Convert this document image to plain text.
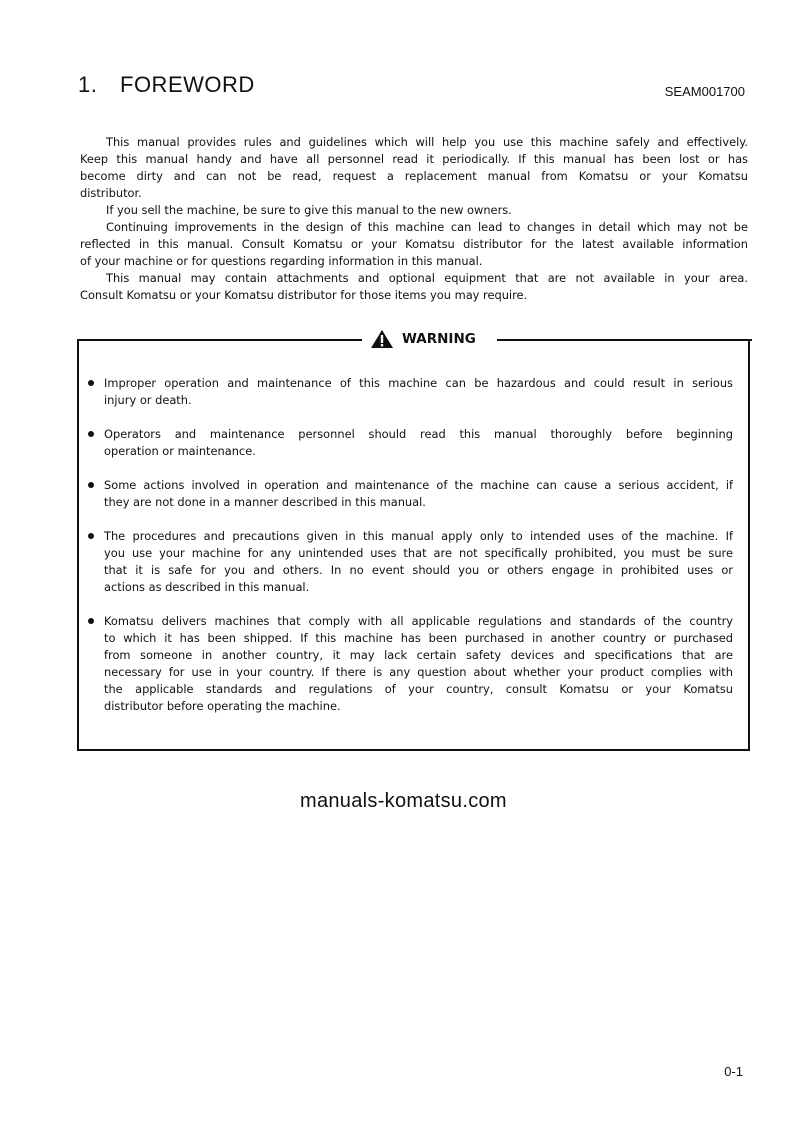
1. FOREWORD	SEAM001700
This manual provides rules and guidelines which will help you use this machine safely and effectively.
Keep this manual handy and have all personnel read it periodically. If this manual has been lost or has
become dirty and can not be read, request a replacement manual from Komatsu or your Komatsu
distributor.
If you sell the machine, be sure to give this manual to the new owners.
Continuing improvements in the design of this machine can lead to changes in detail which may not be
reflected in this manual. Consult Komatsu or your Komatsu distributor for the latest available information
of your machine or for questions regarding information in this manual.
This manual may contain attachments and optional equipment that are not available in your area.
Consult Komatsu or your Komatsu distributor for those items you may require.
WARNING
Improper operation and maintenance of this machine can be hazardous and could result in serious
injury or death.
Operators and maintenance personnel should read this manual thoroughly before beginning
operation or maintenance.
Some actions involved in operation and maintenance of the machine can cause a serious accident, if
they are not done in a manner described in this manual.
The procedures and precautions given in this manual apply only to intended uses of the machine. If
you use your machine for any unintended uses that are not specifically prohibited, you must be sure
that it is safe for you and others. In no event should you or others engage in prohibited uses or
actions as described in this manual.
Komatsu delivers machines that comply with all applicable regulations and standards of the country
to which it has been shipped. If this machine has been purchased in another country or purchased
from someone in another country, it may lack certain safety devices and specifications that are
necessary for use in your country. If there is any question about whether your product complies with
the applicable standards and regulations of your country, consult Komatsu or your Komatsu
distributor before operating the machine.
manuals-komatsu.com
0-1
